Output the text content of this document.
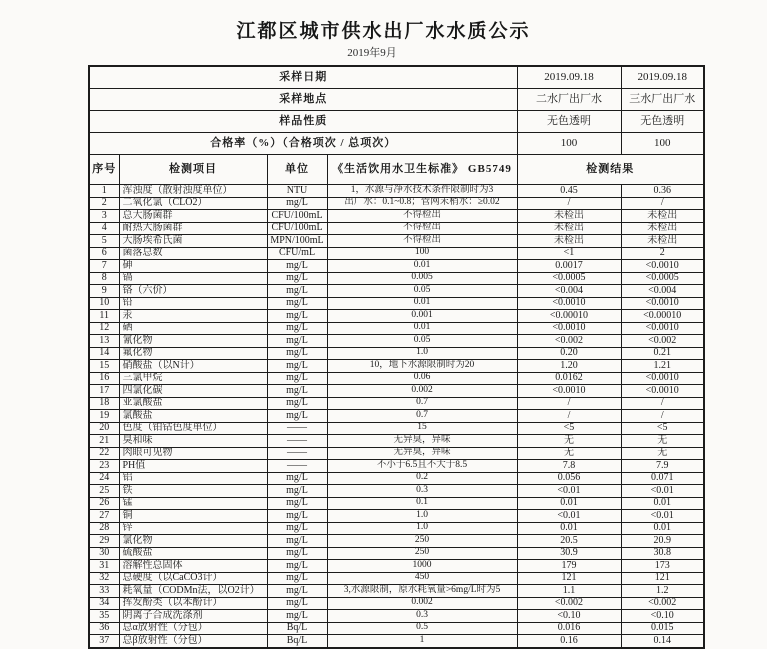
江都区城市供水出厂水水质公示
2019年9月
采样日期				2019.09.18	2019.09.18
采样地点				二水厂出厂水	三水厂出厂水
样品性质				无色透明	无色透明
合格率（%）（合格项次 / 总项次）				100	100
序号	检测项目	单位	《生活饮用水卫生标准》 GB5749	检测结果	
1	浑浊度（散射浊度单位）	NTU	1，水源与净水技术条件限制时为3	0.45	0.36
2	二氧化氯（CLO2）	mg/L	出厂水：0.1~0.8；管网末梢水：≥0.02	/	/
3	总大肠菌群	CFU/100mL	不得检出	未检出	未检出
4	耐热大肠菌群	CFU/100mL	不得检出	未检出	未检出
5	大肠埃希氏菌	MPN/100mL	不得检出	未检出	未检出
6	菌落总数	CFU/mL	100	<1	2
7	砷	mg/L	0.01	0.0017	<0.0010
8	镉	mg/L	0.005	<0.0005	<0.0005
9	铬（六价）	mg/L	0.05	<0.004	<0.004
10	铅	mg/L	0.01	<0.0010	<0.0010
11	汞	mg/L	0.001	<0.00010	<0.00010
12	硒	mg/L	0.01	<0.0010	<0.0010
13	氰化物	mg/L	0.05	<0.002	<0.002
14	氟化物	mg/L	1.0	0.20	0.21
15	硝酸盐（以N计）	mg/L	10，地下水源限制时为20	1.20	1.21
16	三氯甲烷	mg/L	0.06	0.0162	<0.0010
17	四氯化碳	mg/L	0.002	<0.0010	<0.0010
18	亚氯酸盐	mg/L	0.7	/	/
19	氯酸盐	mg/L	0.7	/	/
20	色度（铂钴色度单位）	——	15	<5	<5
21	臭和味	——	无异臭，异味	无	无
22	肉眼可见物	——	无异臭，异味	无	无
23	PH值	——	不小于6.5且不大于8.5	7.8	7.9
24	铝	mg/L	0.2	0.056	0.071
25	铁	mg/L	0.3	<0.01	<0.01
26	锰	mg/L	0.1	0.01	0.01
27	铜	mg/L	1.0	<0.01	<0.01
28	锌	mg/L	1.0	0.01	0.01
29	氯化物	mg/L	250	20.5	20.9
30	硫酸盐	mg/L	250	30.9	30.8
31	溶解性总固体	mg/L	1000	179	173
32	总硬度（以CaCO3计）	mg/L	450	121	121
33	耗氧量（CODMn法，以O2计）	mg/L	3,水源限制，原水耗氧量>6mg/L时为5	1.1	1.2
34	挥发酚类（以苯酚计）	mg/L	0.002	<0.002	<0.002
35	阴离子合成洗涤剂	mg/L	0.3	<0.10	<0.10
36	总α放射性（分包）	Bq/L	0.5	0.016	0.015
37	总β放射性（分包）	Bq/L	1	0.16	0.14
